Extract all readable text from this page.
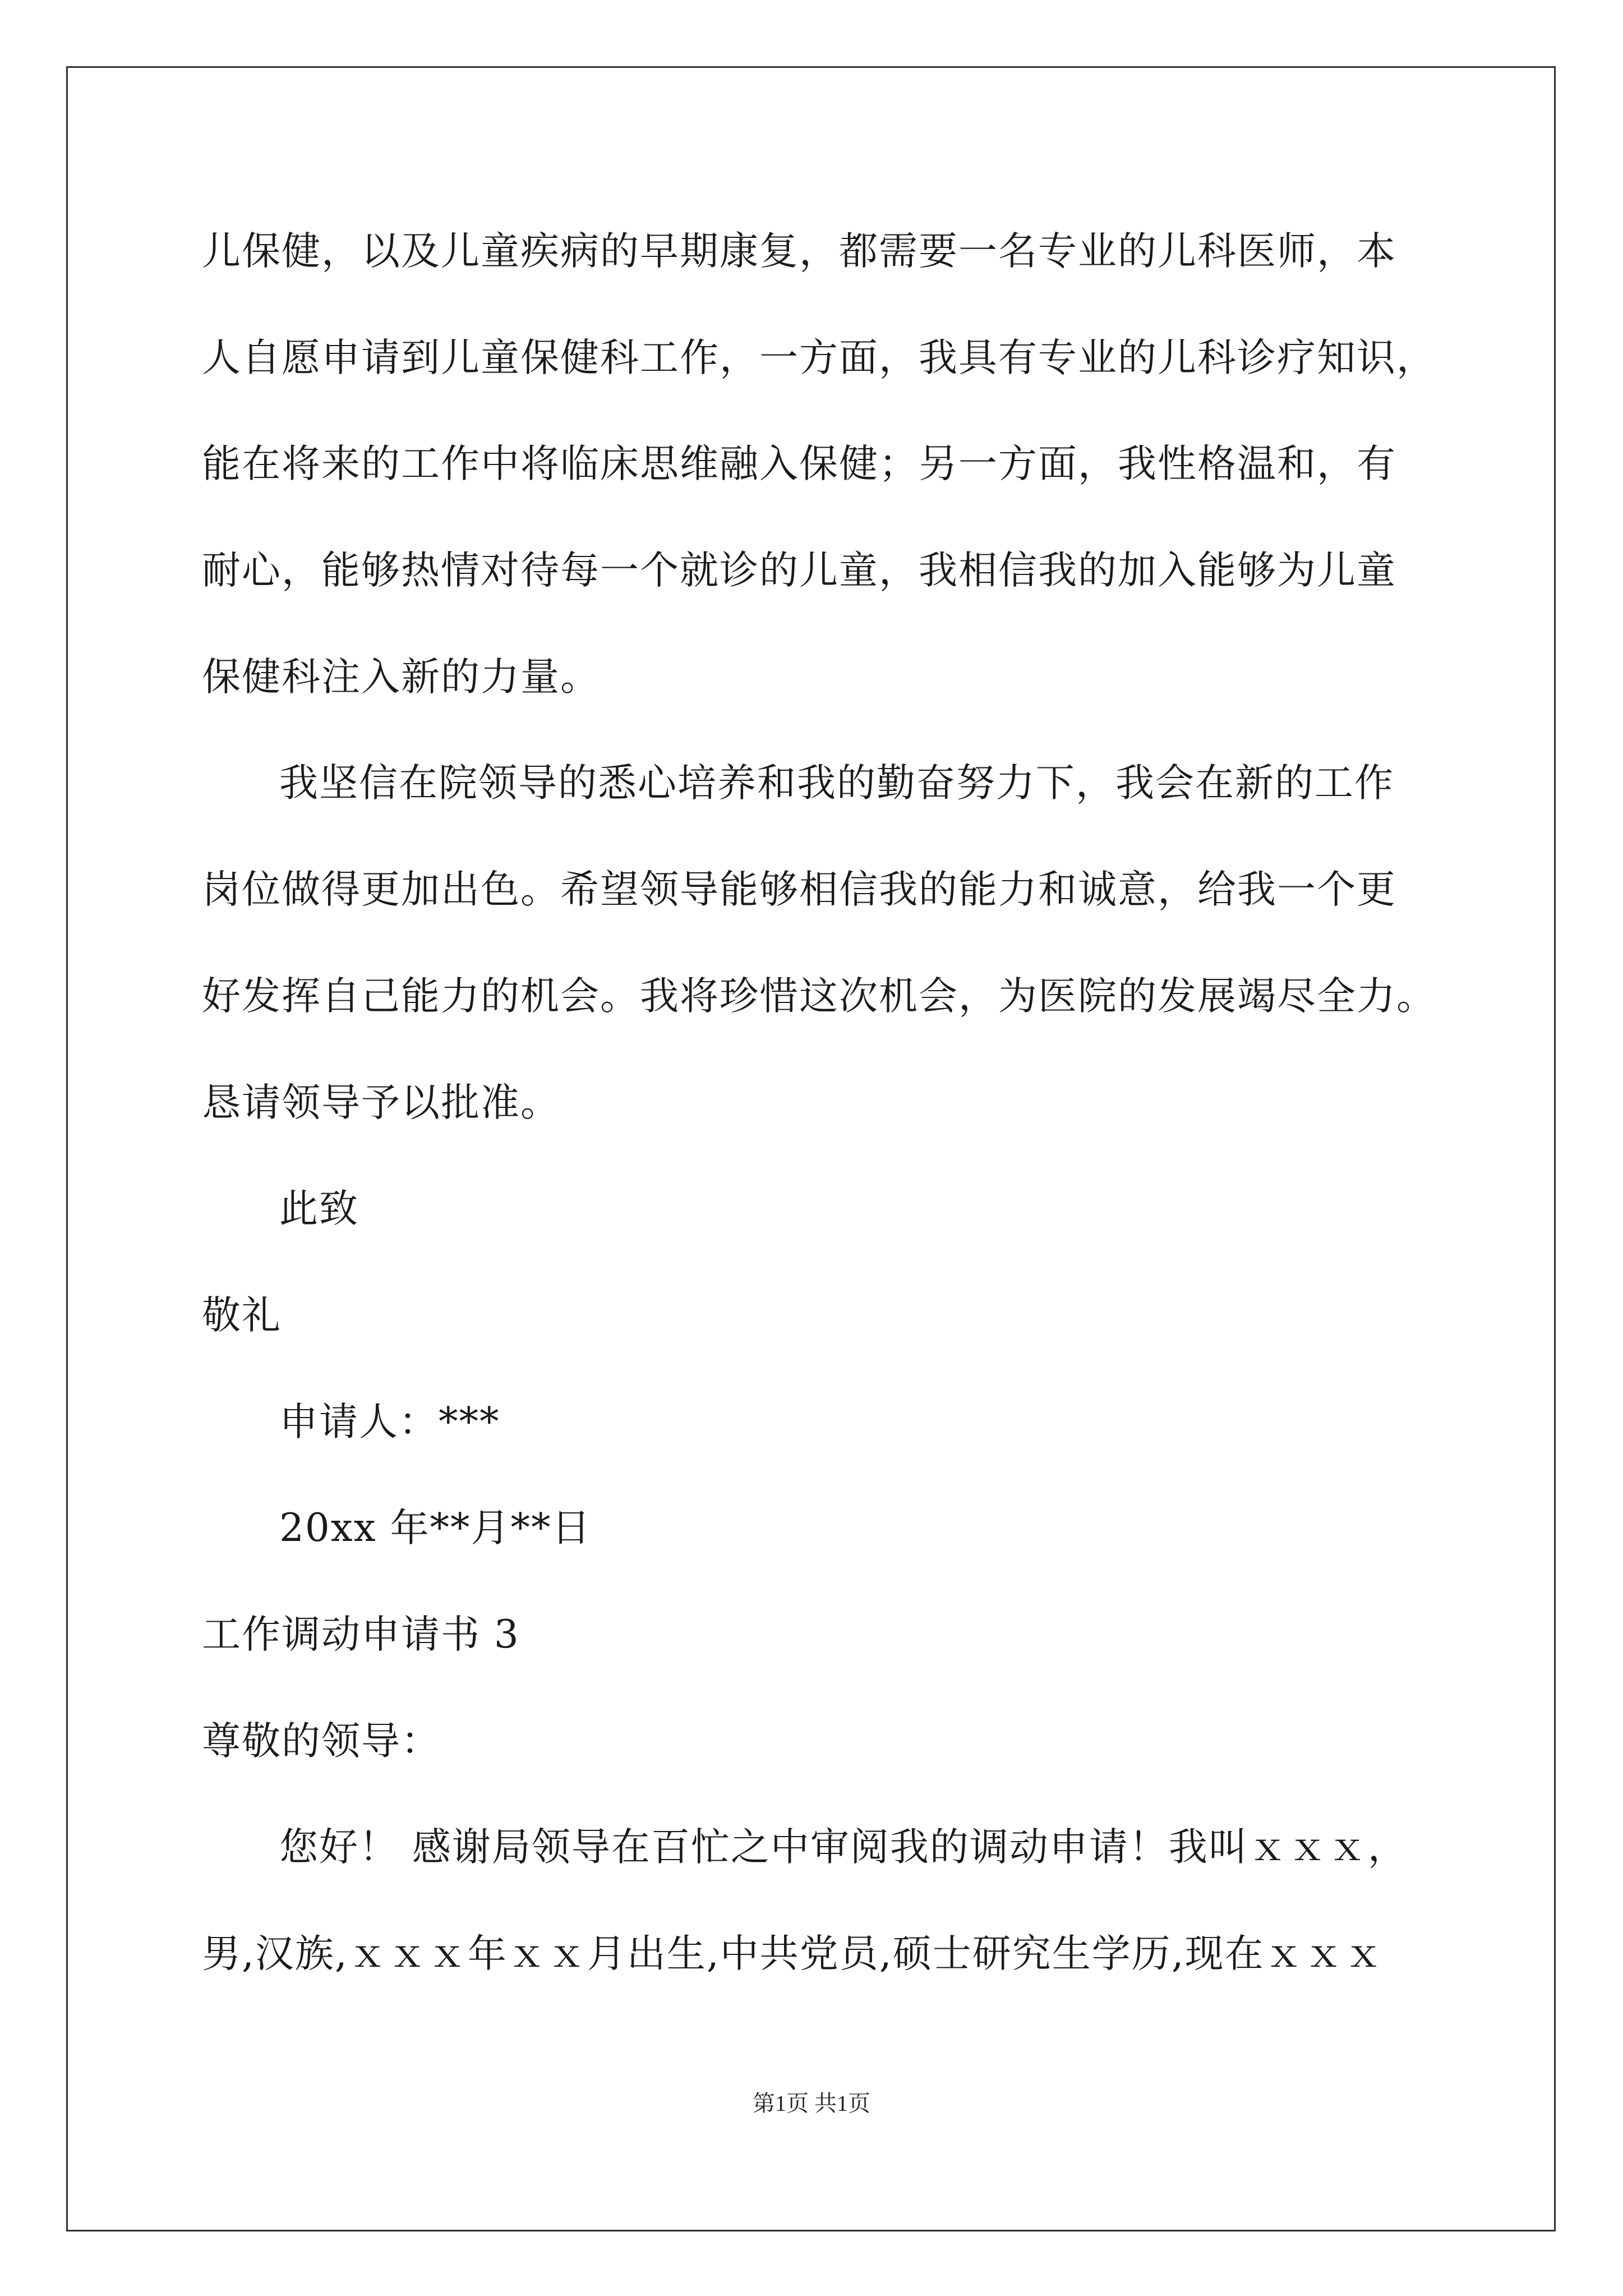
儿保健，以及儿童疾病的早期康复，都需要一名专业的儿科医师，本
人自愿申请到儿童保健科工作，一方面，我具有专业的儿科诊疗知识，
能在将来的工作中将临床思维融入保健；另一方面，我性格温和，有
耐心，能够热情对待每一个就诊的儿童，我相信我的加入能够为儿童
保健科注入新的力量。
我坚信在院领导的悉心培养和我的勤奋努力下，我会在新的工作
岗位做得更加出色。希望领导能够相信我的能力和诚意，给我一个更
好发挥自己能力的机会。我将珍惜这次机会，为医院的发展竭尽全力。
恳请领导予以批准。
此致
敬礼
申请人：***
20xx 年**月**日
工作调动申请书 3
尊敬的领导：
您好！ 感谢局领导在百忙之中审阅我的调动申请！我叫ｘｘｘ，
男,汉族,ｘｘｘ年ｘｘ月出生,中共党员,硕士研究生学历,现在ｘｘｘ
第1页 共1页
